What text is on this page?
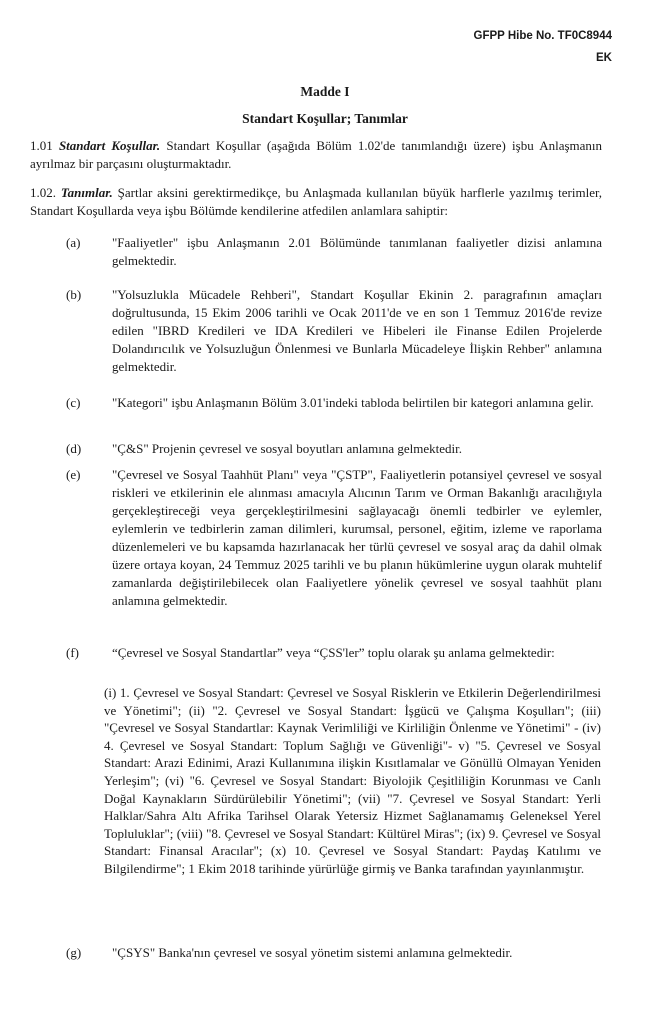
GFPP Hibe No. TF0C8944
EK
Madde I
Standart Koşullar; Tanımlar
1.01 Standart Koşullar. Standart Koşullar (aşağıda Bölüm 1.02'de tanımlandığı üzere) işbu Anlaşmanın ayrılmaz bir parçasını oluşturmaktadır.
1.02. Tanımlar. Şartlar aksini gerektirmedikçe, bu Anlaşmada kullanılan büyük harflerle yazılmış terimler, Standart Koşullarda veya işbu Bölümde kendilerine atfedilen anlamlara sahiptir:
(a)	"Faaliyetler" işbu Anlaşmanın 2.01 Bölümünde tanımlanan faaliyetler dizisi anlamına gelmektedir.
(b)	"Yolsuzlukla Mücadele Rehberi", Standart Koşullar Ekinin 2. paragrafının amaçları doğrultusunda, 15 Ekim 2006 tarihli ve Ocak 2011'de ve en son 1 Temmuz 2016'de revize edilen "IBRD Kredileri ve IDA Kredileri ve Hibeleri ile Finanse Edilen Projelerde Dolandırıcılık ve Yolsuzluğun Önlenmesi ve Bunlarla Mücadeleye İlişkin Rehber" anlamına gelmektedir.
(c)	"Kategori" işbu Anlaşmanın Bölüm 3.01'indeki tabloda belirtilen bir kategori anlamına gelir.
(d)	"Ç&S" Projenin çevresel ve sosyal boyutları anlamına gelmektedir.
(e)	"Çevresel ve Sosyal Taahhüt Planı" veya "ÇSTP", Faaliyetlerin potansiyel çevresel ve sosyal riskleri ve etkilerinin ele alınması amacıyla Alıcının Tarım ve Orman Bakanlığı aracılığıyla gerçekleştireceği veya gerçekleştirilmesini sağlayacağı önemli tedbirler ve eylemler, eylemlerin ve tedbirlerin zaman dilimleri, kurumsal, personel, eğitim, izleme ve raporlama düzenlemeleri ve bu kapsamda hazırlanacak her türlü çevresel ve sosyal araç da dahil olmak üzere ortaya koyan, 24 Temmuz 2025 tarihli ve bu planın hükümlerine uygun olarak muhtelif zamanlarda değiştirilebilecek olan Faaliyetlere yönelik çevresel ve sosyal taahhüt planı anlamına gelmektedir.
(f)	“Çevresel ve Sosyal Standartlar” veya “ÇSS'ler” toplu olarak şu anlama gelmektedir:
(i) 1. Çevresel ve Sosyal Standart: Çevresel ve Sosyal Risklerin ve Etkilerin Değerlendirilmesi ve Yönetimi"; (ii) "2. Çevresel ve Sosyal Standart: İşgücü ve Çalışma Koşulları"; (iii) "Çevresel ve Sosyal Standartlar: Kaynak Verimliliği ve Kirliliğin Önlenme ve Yönetimi" - (iv) 4. Çevresel ve Sosyal Standart: Toplum Sağlığı ve Güvenliği"- v) "5. Çevresel ve Sosyal Standart: Arazi Edinimi, Arazi Kullanımına ilişkin Kısıtlamalar ve Gönüllü Olmayan Yeniden Yerleşim"; (vi) "6. Çevresel ve Sosyal Standart: Biyolojik Çeşitliliğin Korunması ve Canlı Doğal Kaynakların Sürdürülebilir Yönetimi"; (vii) "7. Çevresel ve Sosyal Standart: Yerli Halklar/Sahra Altı Afrika Tarihsel Olarak Yetersiz Hizmet Sağlanamamış Geleneksel Yerel Topluluklar"; (viii) "8. Çevresel ve Sosyal Standart: Kültürel Miras"; (ix) 9. Çevresel ve Sosyal Standart: Finansal Aracılar"; (x) 10. Çevresel ve Sosyal Standart: Paydaş Katılımı ve Bilgilendirme"; 1 Ekim 2018 tarihinde yürürlüğe girmiş ve Banka tarafından yayınlanmıştır.
(g)	"ÇSYS" Banka'nın çevresel ve sosyal yönetim sistemi anlamına gelmektedir.
